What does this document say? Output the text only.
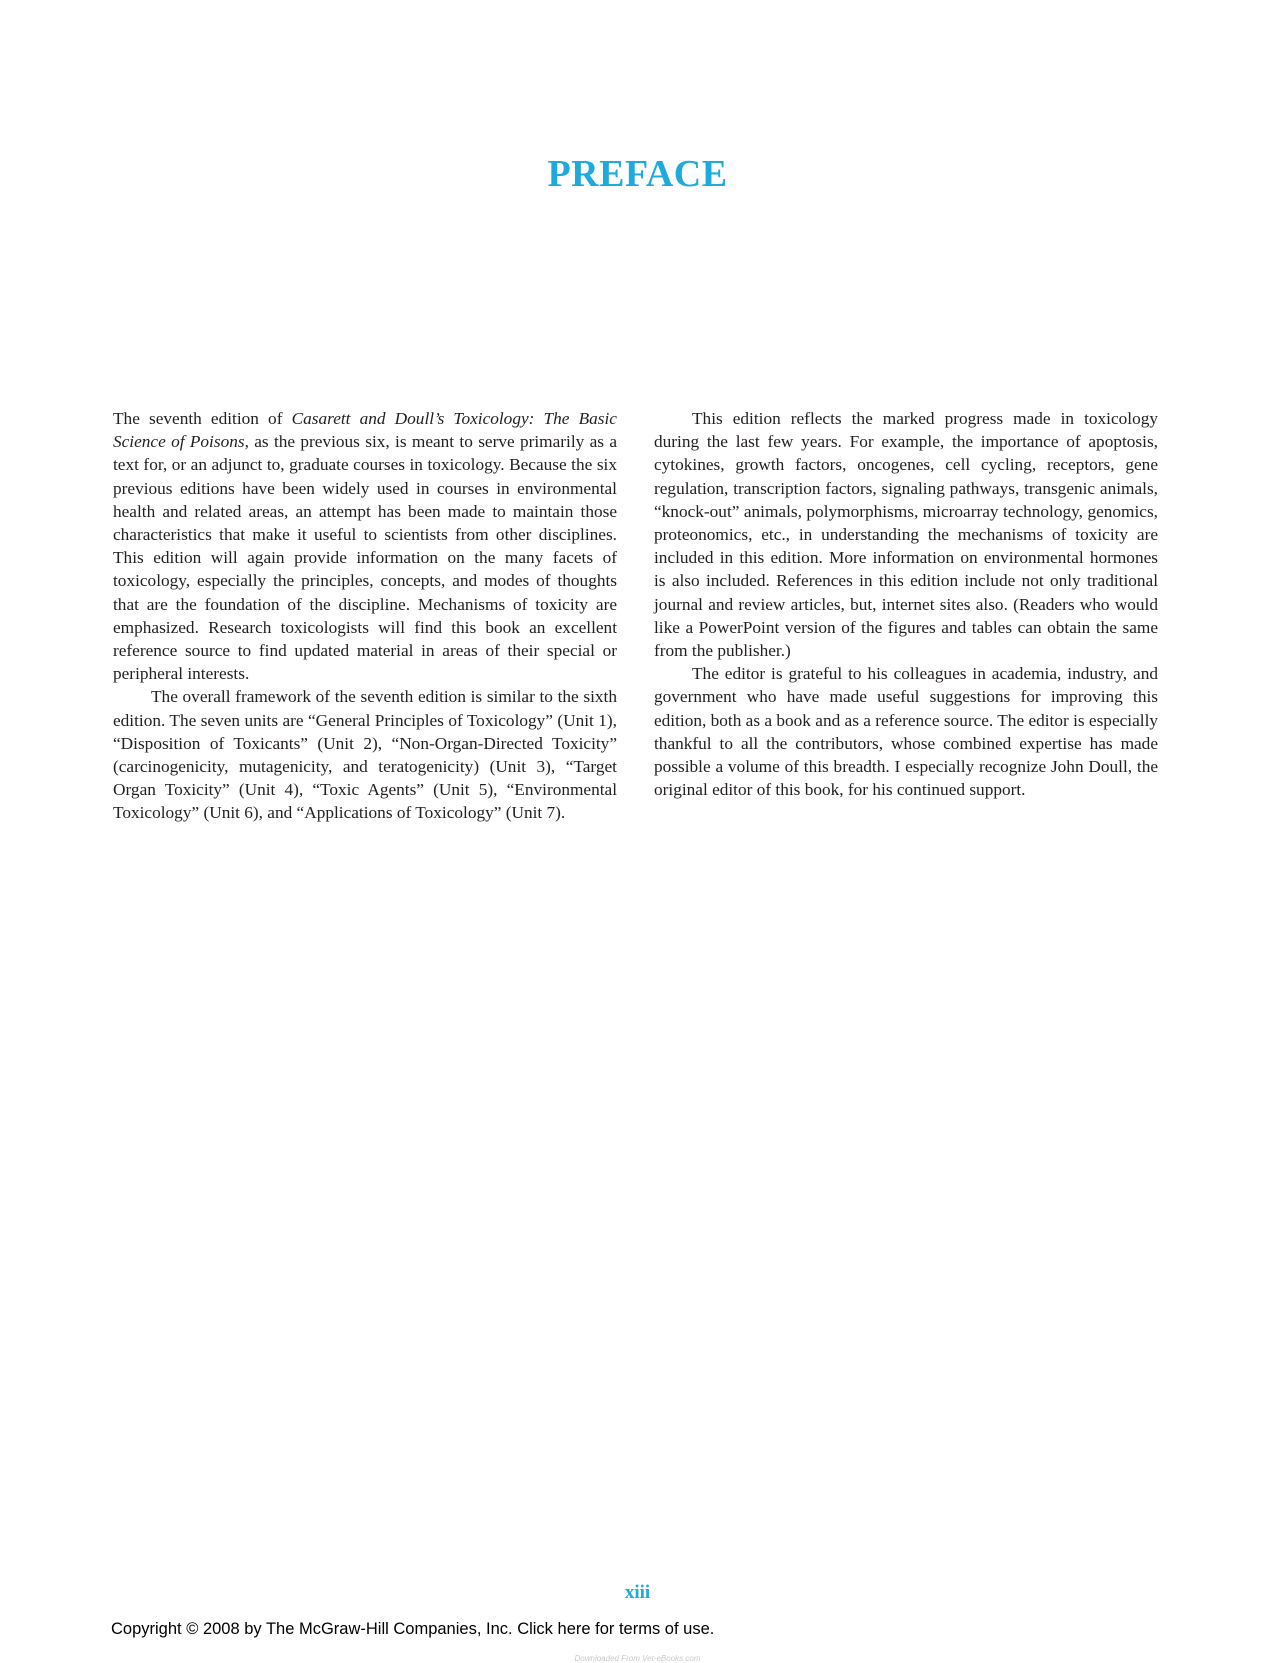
PREFACE

The seventh edition of Casarett and Doull’s Toxicology: The Basic Science of Poisons, as the previous six, is meant to serve primarily as a text for, or an adjunct to, graduate courses in toxicology. Because the six previous editions have been widely used in courses in environmental health and related areas, an attempt has been made to maintain those characteristics that make it useful to scientists from other disciplines. This edition will again provide information on the many facets of toxicology, especially the principles, concepts, and modes of thoughts that are the foundation of the discipline. Mechanisms of toxicity are emphasized. Research toxicologists will find this book an excellent reference source to find updated material in areas of their special or peripheral interests.

The overall framework of the seventh edition is similar to the sixth edition. The seven units are “General Principles of Toxicology” (Unit 1), “Disposition of Toxicants” (Unit 2), “Non-Organ-Directed Toxicity” (carcinogenicity, mutagenicity, and teratogenicity) (Unit 3), “Target Organ Toxicity” (Unit 4), “Toxic Agents” (Unit 5), “Environmental Toxicology” (Unit 6), and “Applications of Toxicology” (Unit 7).

This edition reflects the marked progress made in toxicology during the last few years. For example, the importance of apoptosis, cytokines, growth factors, oncogenes, cell cycling, receptors, gene regulation, transcription factors, signaling pathways, transgenic animals, “knock-out” animals, polymorphisms, microarray technology, genomics, proteonomics, etc., in understanding the mechanisms of toxicity are included in this edition. More information on environmental hormones is also included. References in this edition include not only traditional journal and review articles, but, internet sites also. (Readers who would like a PowerPoint version of the figures and tables can obtain the same from the publisher.)

The editor is grateful to his colleagues in academia, industry, and government who have made useful suggestions for improving this edition, both as a book and as a reference source. The editor is especially thankful to all the contributors, whose combined expertise has made possible a volume of this breadth. I especially recognize John Doull, the original editor of this book, for his continued support.

xiii
Copyright © 2008 by The McGraw-Hill Companies, Inc. Click here for terms of use.
Downloaded From Vet-eBooks.com
